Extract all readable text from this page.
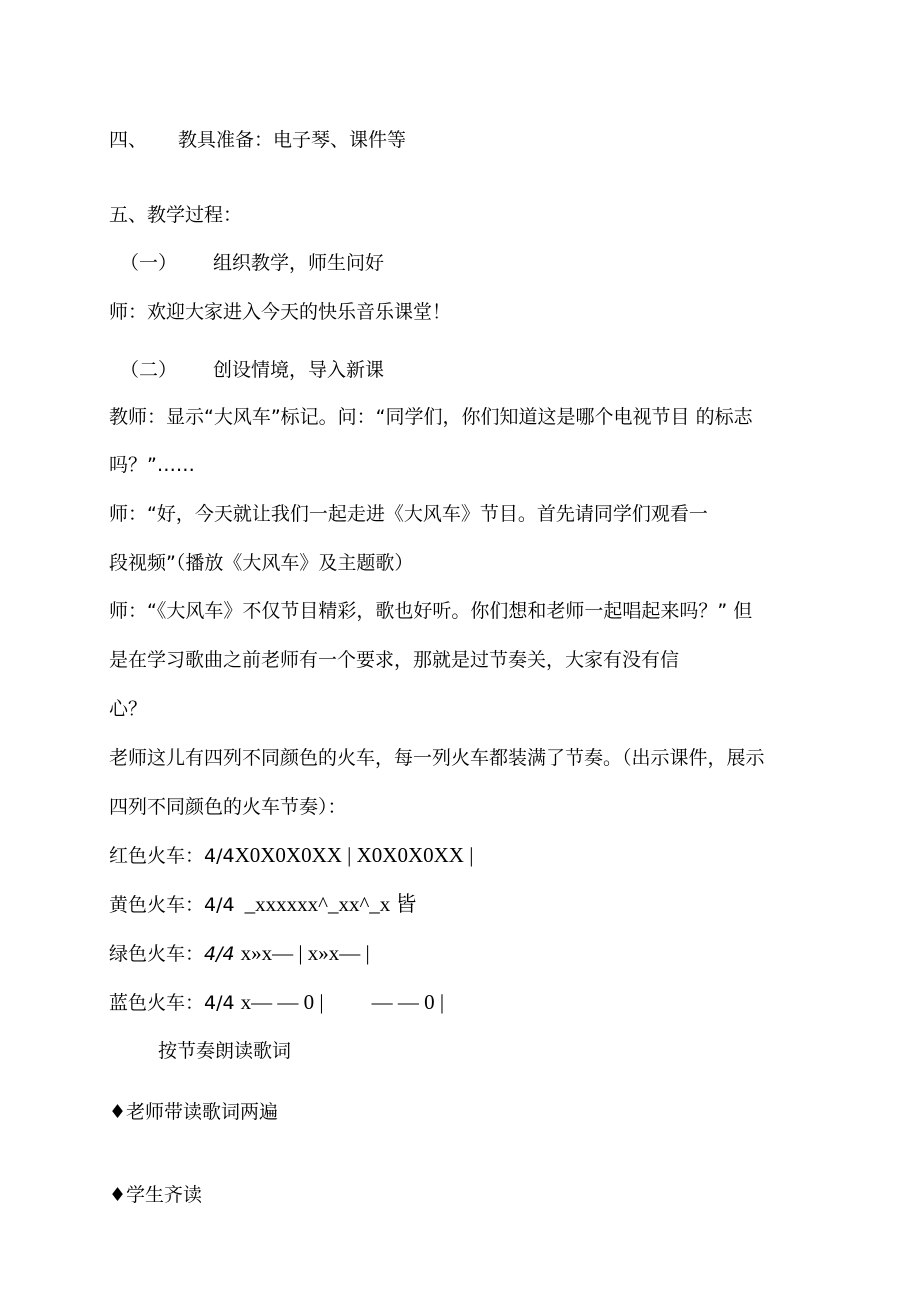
四、 教具准备：电子琴、课件等
五、教学过程：
（一） 组织教学，师生问好
师：欢迎大家进入今天的快乐音乐课堂！
（二） 创设情境，导入新课
教师：显示“大风车”标记。问：“同学们，你们知道这是哪个电视节目 的标志
吗？”……
师：“好，今天就让我们一起走进《大风车》节目。首先请同学们观看一
段视频”（播放《大风车》及主题歌）
师：“《大风车》不仅节目精彩，歌也好听。你们想和老师一起唱起来吗？” 但
是在学习歌曲之前老师有一个要求，那就是过节奏关，大家有没有信
心？
老师这儿有四列不同颜色的火车，每一列火车都装满了节奏。（出示课件，展示
四列不同颜色的火车节奏）：
红色火车：4/4X0X0X0XX | X0X0X0XX |
黄色火车：4/4 _xxxxxx^_xx^_x 皆
绿色火车：4/4 x»x— | x»x— |
蓝色火车：4/4 x— — 0 | — — 0 |
按节奏朗读歌词
♦老师带读歌词两遍
♦学生齐读
